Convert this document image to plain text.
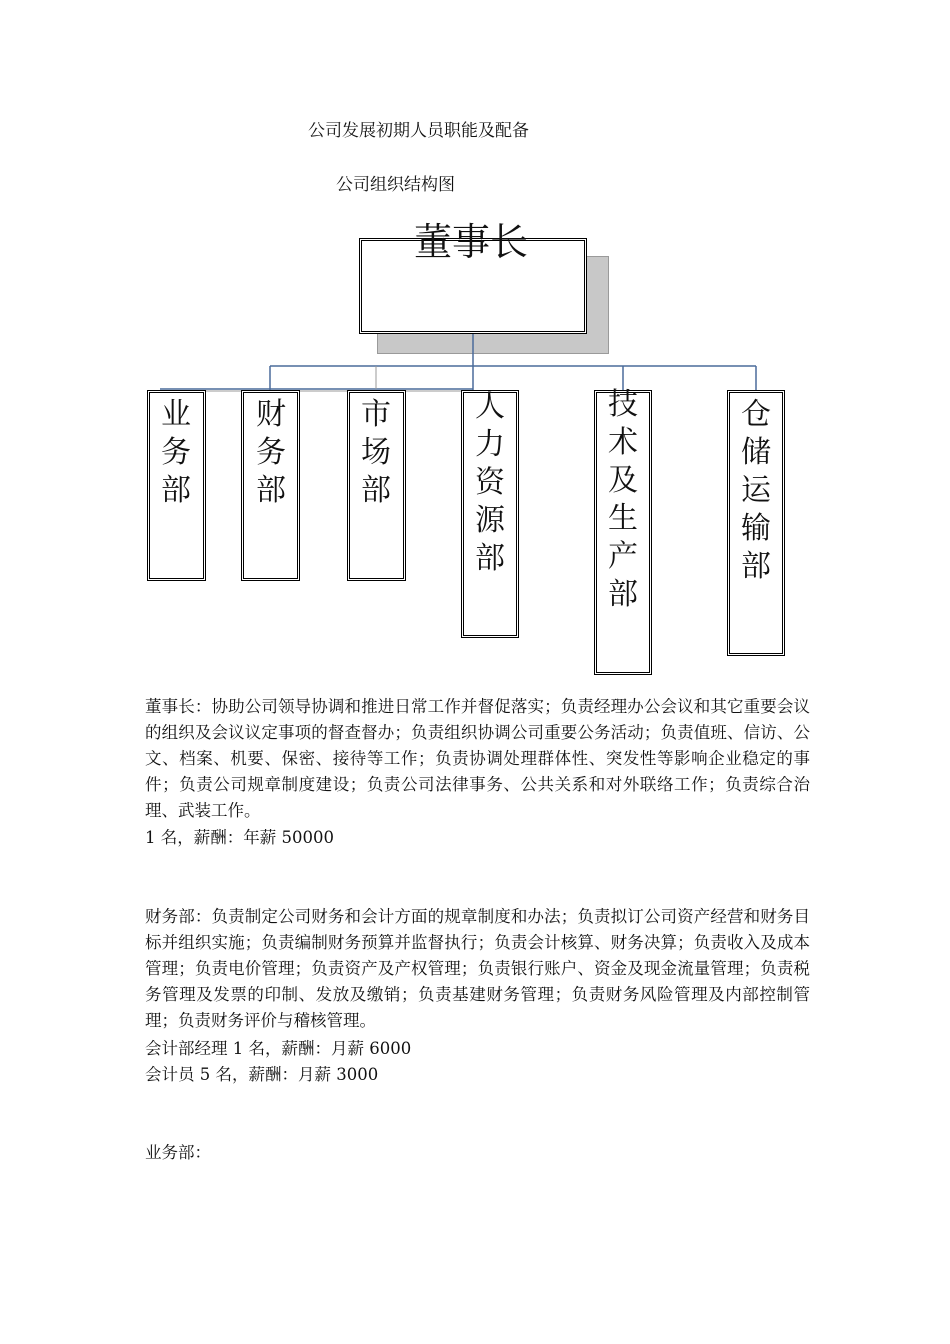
公司发展初期人员职能及配备
公司组织结构图
董事长
业务部
财务部
市场部
人力资源部
技术及生产部
仓储运输部

董事长：协助公司领导协调和推进日常工作并督促落实；负责经理办公会议和其它重要会议的组织及会议议定事项的督查督办；负责组织协调公司重要公务活动；负责值班、信访、公文、档案、机要、保密、接待等工作；负责协调处理群体性、突发性等影响企业稳定的事件；负责公司规章制度建设；负责公司法律事务、公共关系和对外联络工作；负责综合治理、武装工作。

1 名，薪酬：年薪 50000

财务部：负责制定公司财务和会计方面的规章制度和办法；负责拟订公司资产经营和财务目标并组织实施；负责编制财务预算并监督执行；负责会计核算、财务决算；负责收入及成本管理；负责电价管理；负责资产及产权管理；负责银行账户、资金及现金流量管理；负责税务管理及发票的印制、发放及缴销；负责基建财务管理；负责财务风险管理及内部控制管理；负责财务评价与稽核管理。

会计部经理 1 名，薪酬：月薪 6000
会计员 5 名，薪酬：月薪 3000
业务部：
